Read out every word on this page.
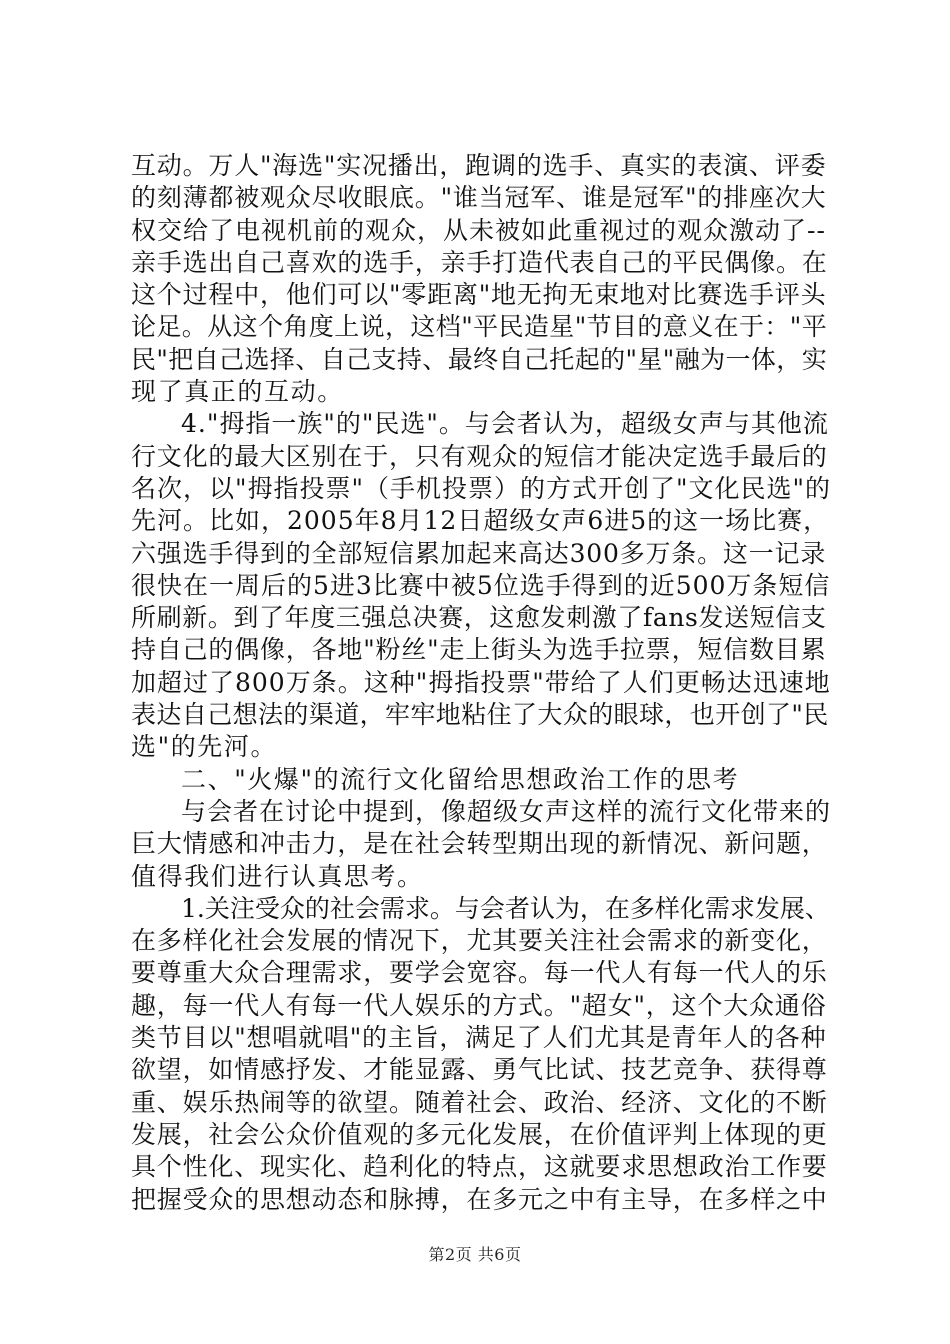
互动。万人"海选"实况播出，跑调的选手、真实的表演、评委
的刻薄都被观众尽收眼底。"谁当冠军、谁是冠军"的排座次大
权交给了电视机前的观众，从未被如此重视过的观众激动了--
亲手选出自己喜欢的选手，亲手打造代表自己的平民偶像。在
这个过程中，他们可以"零距离"地无拘无束地对比赛选手评头
论足。从这个角度上说，这档"平民造星"节目的意义在于："平
民"把自己选择、自己支持、最终自己托起的"星"融为一体，实
现了真正的互动。
4."拇指一族"的"民选"。与会者认为，超级女声与其他流
行文化的最大区别在于，只有观众的短信才能决定选手最后的
名次，以"拇指投票"（手机投票）的方式开创了"文化民选"的
先河。比如，2005年8月12日超级女声6进5的这一场比赛，
六强选手得到的全部短信累加起来高达300多万条。这一记录
很快在一周后的5进3比赛中被5位选手得到的近500万条短信
所刷新。到了年度三强总决赛，这愈发刺激了fans发送短信支
持自己的偶像，各地"粉丝"走上街头为选手拉票，短信数目累
加超过了800万条。这种"拇指投票"带给了人们更畅达迅速地
表达自己想法的渠道，牢牢地粘住了大众的眼球，也开创了"民
选"的先河。
二、"火爆"的流行文化留给思想政治工作的思考
与会者在讨论中提到，像超级女声这样的流行文化带来的
巨大情感和冲击力，是在社会转型期出现的新情况、新问题，
值得我们进行认真思考。
1.关注受众的社会需求。与会者认为，在多样化需求发展、
在多样化社会发展的情况下，尤其要关注社会需求的新变化，
要尊重大众合理需求，要学会宽容。每一代人有每一代人的乐
趣，每一代人有每一代人娱乐的方式。"超女"，这个大众通俗
类节目以"想唱就唱"的主旨，满足了人们尤其是青年人的各种
欲望，如情感抒发、才能显露、勇气比试、技艺竞争、获得尊
重、娱乐热闹等的欲望。随着社会、政治、经济、文化的不断
发展，社会公众价值观的多元化发展，在价值评判上体现的更
具个性化、现实化、趋利化的特点，这就要求思想政治工作要
把握受众的思想动态和脉搏，在多元之中有主导，在多样之中
第2页 共6页
